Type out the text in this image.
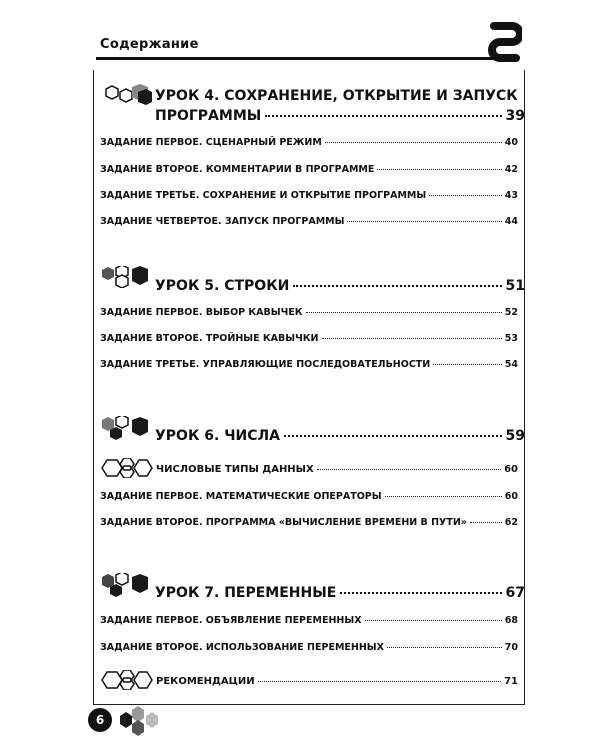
Содержание
УРОК 4. СОХРАНЕНИЕ, ОТКРЫТИЕ И ЗАПУСК
ПРОГРАММЫ	39
ЗАДАНИЕ ПЕРВОЕ. СЦЕНАРНЫЙ РЕЖИМ	40
ЗАДАНИЕ ВТОРОЕ. КОММЕНТАРИИ В ПРОГРАММЕ	42
ЗАДАНИЕ ТРЕТЬЕ. СОХРАНЕНИЕ И ОТКРЫТИЕ ПРОГРАММЫ	43
ЗАДАНИЕ ЧЕТВЕРТОЕ. ЗАПУСК ПРОГРАММЫ	44
УРОК 5. СТРОКИ	51
ЗАДАНИЕ ПЕРВОЕ. ВЫБОР КАВЫЧЕК	52
ЗАДАНИЕ ВТОРОЕ. ТРОЙНЫЕ КАВЫЧКИ	53
ЗАДАНИЕ ТРЕТЬЕ. УПРАВЛЯЮЩИЕ ПОСЛЕДОВАТЕЛЬНОСТИ	54
УРОК 6. ЧИСЛА	59
ЧИСЛОВЫЕ ТИПЫ ДАННЫХ	60
ЗАДАНИЕ ПЕРВОЕ. МАТЕМАТИЧЕСКИЕ ОПЕРАТОРЫ	60
ЗАДАНИЕ ВТОРОЕ. ПРОГРАММА «ВЫЧИСЛЕНИЕ ВРЕМЕНИ В ПУТИ»	62
УРОК 7. ПЕРЕМЕННЫЕ	67
ЗАДАНИЕ ПЕРВОЕ. ОБЪЯВЛЕНИЕ ПЕРЕМЕННЫХ	68
ЗАДАНИЕ ВТОРОЕ. ИСПОЛЬЗОВАНИЕ ПЕРЕМЕННЫХ	70
РЕКОМЕНДАЦИИ	71
6
